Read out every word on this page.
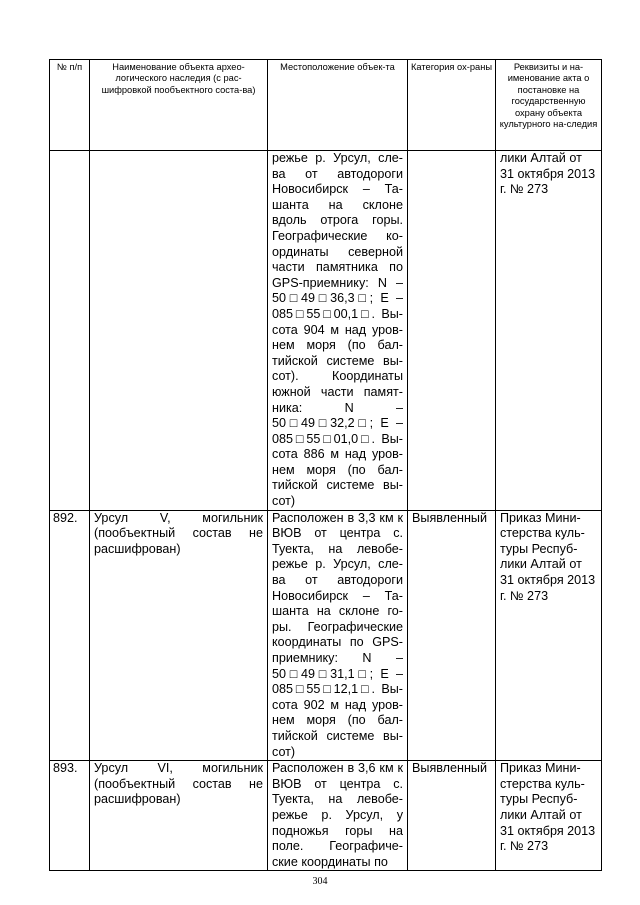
№ п/п	Наименование объекта архео-логического наследия (с рас-шифровкой пообъектного соста-ва)	Местоположение объек-та	Категория ох-раны	Реквизиты и на-именование акта о постановке на государственную охрану объекта культурного на-следия
		режье р. Урсул, сле-ва от автодороги Новосибирск – Та-шанта на склоне вдоль отрога горы. Географические ко-ординаты северной части памятника по GPS-приемнику: N – 50□49□36,3□; E – 085□55□00,1□. Вы-сота 904 м над уров-нем моря (по бал-тийской системе вы-сот). Координаты южной части памят-ника: N – 50□49□32,2□; E – 085□55□01,0□. Вы-сота 886 м над уров-нем моря (по бал-тийской системе вы-сот)		лики Алтай от 31 октября 2013 г. № 273
892.	Урсул V, могильник (пообъектный состав не расшифрован)	Расположен в 3,3 км к ВЮВ от центра с. Туекта, на левобе-режье р. Урсул, сле-ва от автодороги Новосибирск – Та-шанта на склоне го-ры. Географические координаты по GPS-приемнику: N – 50□49□31,1□; E – 085□55□12,1□. Вы-сота 902 м над уров-нем моря (по бал-тийской системе вы-сот)	Выявленный	Приказ Мини-стерства куль-туры Респуб-лики Алтай от 31 октября 2013 г. № 273
893.	Урсул VI, могильник (пообъектный состав не расшифрован)	Расположен в 3,6 км к ВЮВ от центра с. Туекта, на левобе-режье р. Урсул, у подножья горы на поле. Географиче-ские координаты по	Выявленный	Приказ Мини-стерства куль-туры Респуб-лики Алтай от 31 октября 2013 г. № 273
304
